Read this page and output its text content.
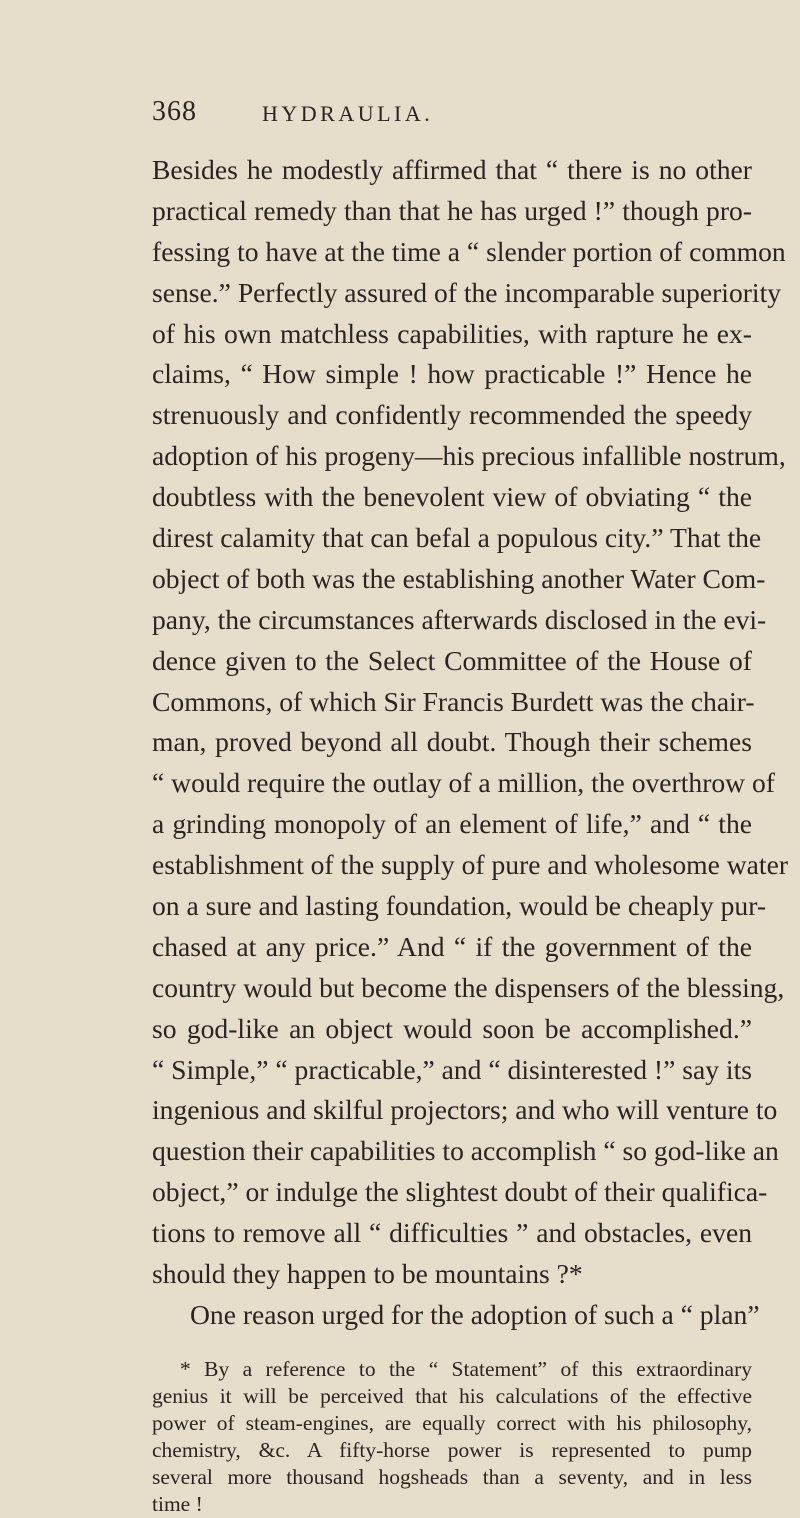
368	HYDRAULIA.
Besides he modestly affirmed that “ there is no other
practical remedy than that he has urged !” though pro-
fessing to have at the time a “ slender portion of common
sense.” Perfectly assured of the incomparable superiority
of his own matchless capabilities, with rapture he ex-
claims, “ How simple ! how practicable !” Hence he
strenuously and confidently recommended the speedy
adoption of his progeny—his precious infallible nostrum,
doubtless with the benevolent view of obviating “ the
direst calamity that can befal a populous city.” That the
object of both was the establishing another Water Com-
pany, the circumstances afterwards disclosed in the evi-
dence given to the Select Committee of the House of
Commons, of which Sir Francis Burdett was the chair-
man, proved beyond all doubt. Though their schemes
“ would require the outlay of a million, the overthrow of
a grinding monopoly of an element of life,” and “ the
establishment of the supply of pure and wholesome water
on a sure and lasting foundation, would be cheaply pur-
chased at any price.” And “ if the government of the
country would but become the dispensers of the blessing,
so god-like an object would soon be accomplished.”
“ Simple,” “ practicable,” and “ disinterested !” say its
ingenious and skilful projectors; and who will venture to
question their capabilities to accomplish “ so god-like an
object,” or indulge the slightest doubt of their qualifica-
tions to remove all “ difficulties ” and obstacles, even
should they happen to be mountains ?*
One reason urged for the adoption of such a “ plan”
* By a reference to the “ Statement” of this extraordinary
genius it will be perceived that his calculations of the effective
power of steam-engines, are equally correct with his philosophy,
chemistry, &c. A fifty-horse power is represented to pump
several more thousand hogsheads than a seventy, and in less
time !
